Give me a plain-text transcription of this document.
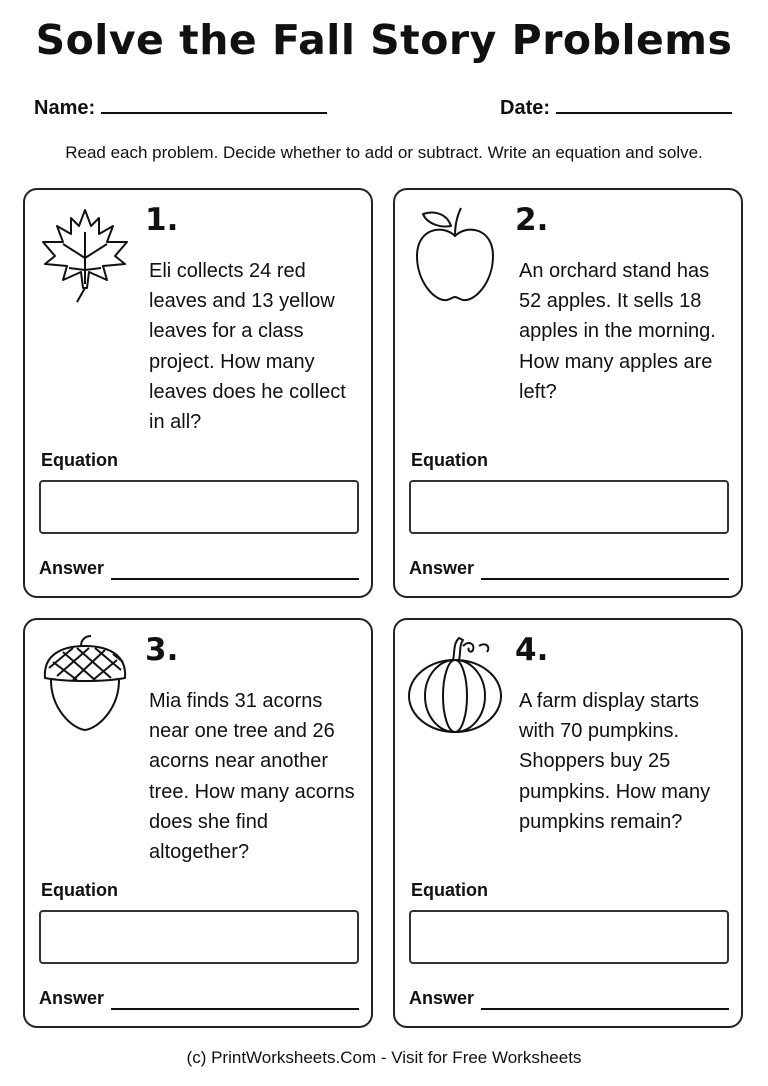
Solve the Fall Story Problems
Name:	Date:
Read each problem. Decide whether to add or subtract. Write an equation and solve.
1.
Eli collects 24 red leaves and 13 yellow leaves for a class project. How many leaves does he collect in all?
Equation
Answer
2.
An orchard stand has 52 apples. It sells 18 apples in the morning. How many apples are left?
Equation
Answer
3.
Mia finds 31 acorns near one tree and 26 acorns near another tree. How many acorns does she find altogether?
Equation
Answer
4.
A farm display starts with 70 pumpkins. Shoppers buy 25 pumpkins. How many pumpkins remain?
Equation
Answer
(c) PrintWorksheets.Com - Visit for Free Worksheets
